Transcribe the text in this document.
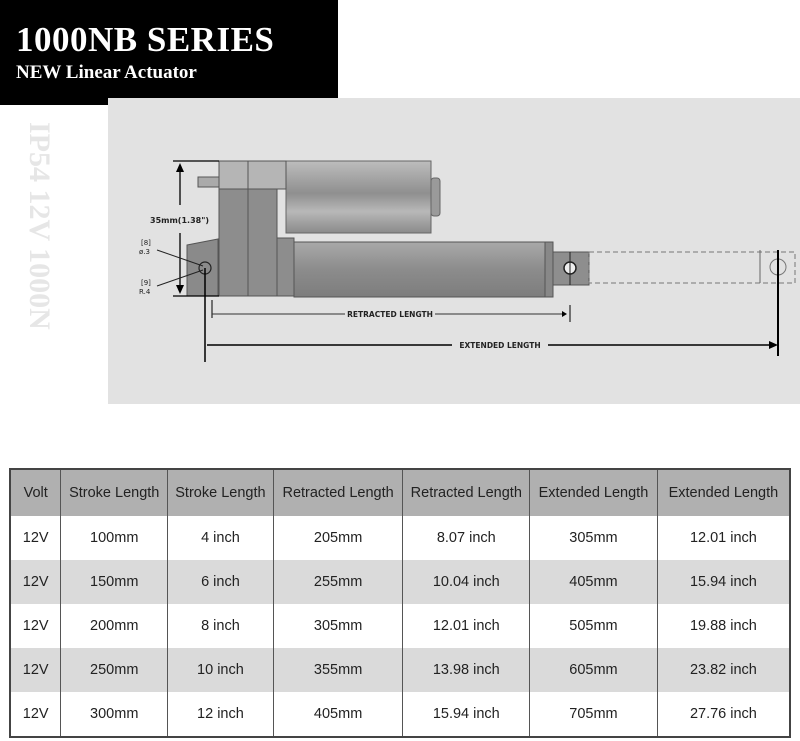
1000NB SERIES
NEW Linear Actuator
IP54 12V 1000N	35mm(1.38")
[8]
ø.3
[9]
R.4
RETRACTED LENGTH
EXTENDED LENGTH
Volt	Stroke Length	Stroke Length	Retracted Length	Retracted Length	Extended Length	Extended Length
12V	100mm	4 inch	205mm	8.07 inch	305mm	12.01 inch
12V	150mm	6 inch	255mm	10.04 inch	405mm	15.94 inch
12V	200mm	8 inch	305mm	12.01 inch	505mm	19.88 inch
12V	250mm	10 inch	355mm	13.98 inch	605mm	23.82 inch
12V	300mm	12 inch	405mm	15.94 inch	705mm	27.76 inch
